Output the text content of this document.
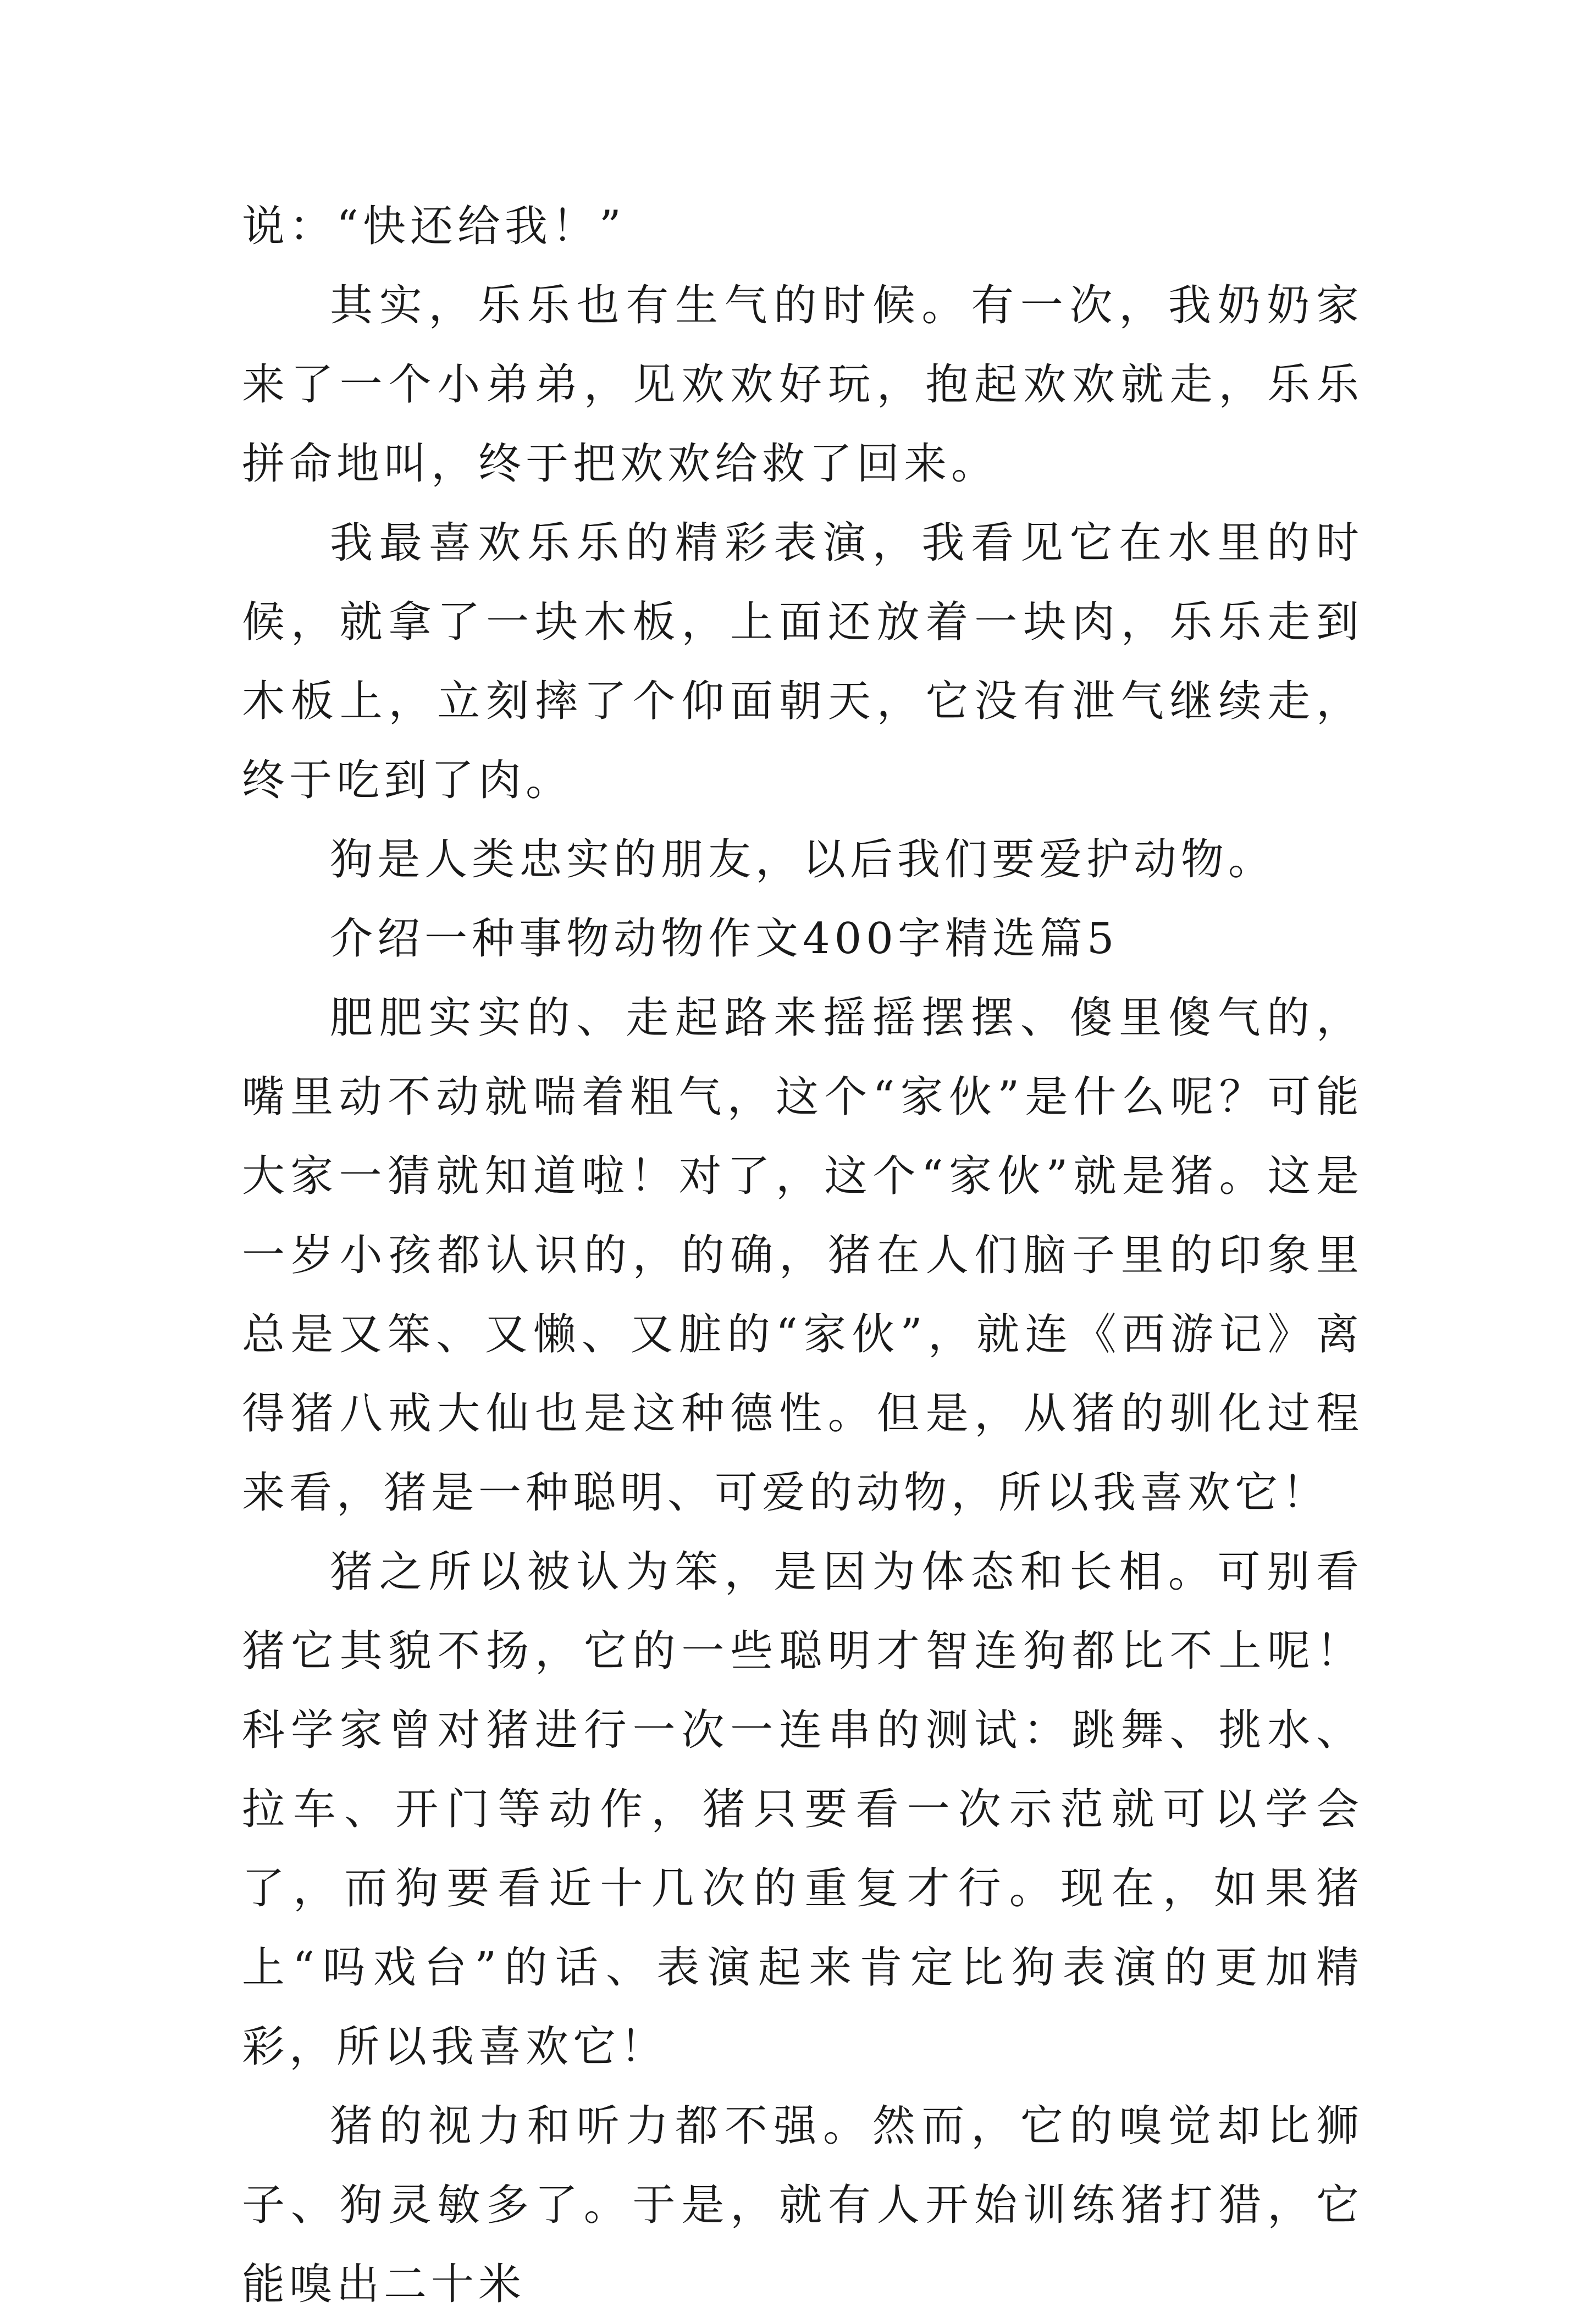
说：“快还给我！”

其实，乐乐也有生气的时候。有一次，我奶奶家来了一个小弟弟，见欢欢好玩，抱起欢欢就走，乐乐拼命地叫，终于把欢欢给救了回来。

我最喜欢乐乐的精彩表演，我看见它在水里的时候，就拿了一块木板，上面还放着一块肉，乐乐走到木板上，立刻摔了个仰面朝天，它没有泄气继续走，终于吃到了肉。

狗是人类忠实的朋友，以后我们要爱护动物。

介绍一种事物动物作文400字精选篇5

肥肥实实的、走起路来摇摇摆摆、傻里傻气的，嘴里动不动就喘着粗气，这个“家伙”是什么呢？可能大家一猜就知道啦！对了，这个“家伙”就是猪。这是一岁小孩都认识的，的确，猪在人们脑子里的印象里总是又笨、又懒、又脏的“家伙”，就连《西游记》离得猪八戒大仙也是这种德性。但是，从猪的驯化过程来看，猪是一种聪明、可爱的动物，所以我喜欢它！

猪之所以被认为笨，是因为体态和长相。可别看猪它其貌不扬，它的一些聪明才智连狗都比不上呢！科学家曾对猪进行一次一连串的测试：跳舞、挑水、拉车、开门等动作，猪只要看一次示范就可以学会了，而狗要看近十几次的重复才行。现在，如果猪上“吗戏台”的话、表演起来肯定比狗表演的更加精彩，所以我喜欢它！

猪的视力和听力都不强。然而，它的嗅觉却比狮子、狗灵敏多了。于是，就有人开始训练猪打猎，它能嗅出二十米
